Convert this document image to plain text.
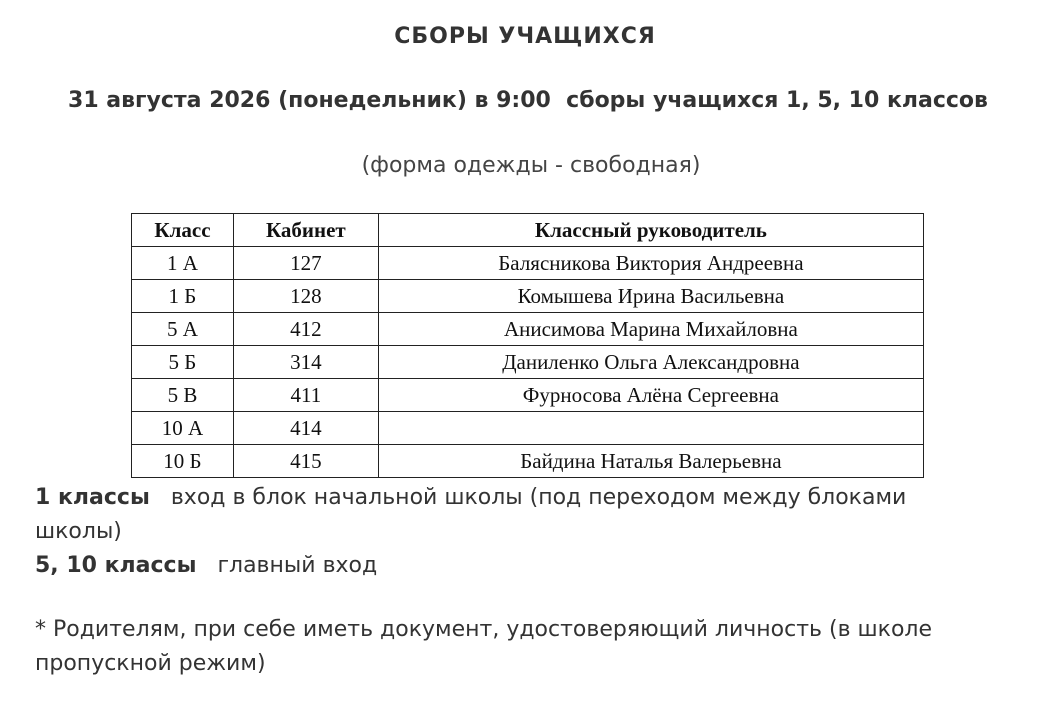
СБОРЫ УЧАЩИХСЯ
31 августа 2026 (понедельник) в 9:00  сборы учащихся 1, 5, 10 классов
(форма одежды - свободная)
Класс	Кабинет	Классный руководитель
1 А	127	Балясникова Виктория Андреевна
1 Б	128	Комышева Ирина Васильевна
5 А	412	Анисимова Марина Михайловна
5 Б	314	Даниленко Ольга Александровна
5 В	411	Фурносова Алёна Сергеевна
10 А	414	
10 Б	415	Байдина Наталья Валерьевна

1 классы вход в блок начальной школы (под переходом между блоками школы)

5, 10 классы главный вход

* Родителям, при себе иметь документ, удостоверяющий личность (в школе пропускной режим)
